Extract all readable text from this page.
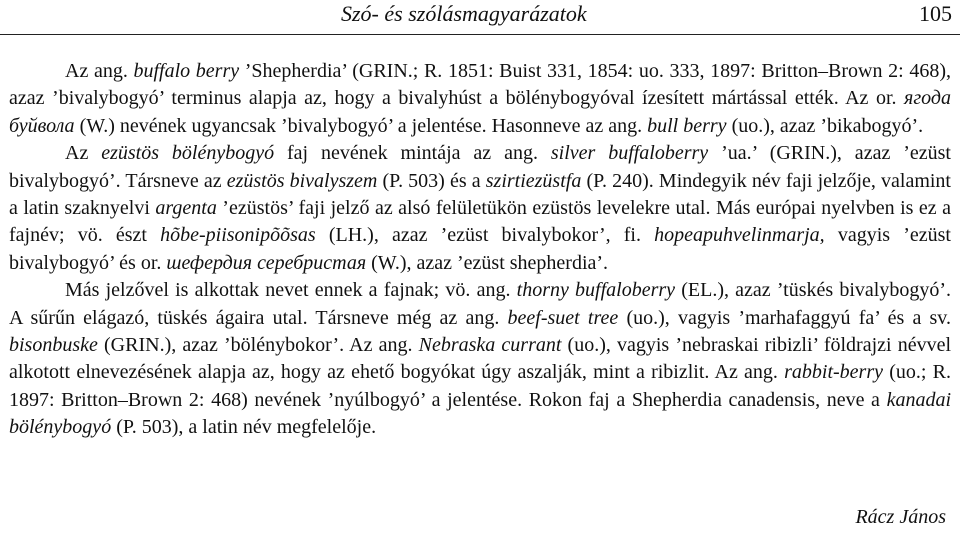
Szó- és szólásmagyarázatok	105

Az ang. buffalo berry ’Shepherdia’ (GRIN.; R. 1851: Buist 331, 1854: uo. 333, 1897: Britton–Brown 2: 468), azaz ’bivalybogyó’ terminus alapja az, hogy a bivalyhúst a bölénybogyóval ízesített mártással ették. Az or. ягода буйвола (W.) nevének ugyancsak ’bivalybogyó’ a jelentése. Hasonneve az ang. bull berry (uo.), azaz ’bikabogyó’.

Az ezüstös bölénybogyó faj nevének mintája az ang. silver buffaloberry ’ua.’ (GRIN.), azaz ’ezüst bivalybogyó’. Társneve az ezüstös bivalyszem (P. 503) és a szirtiezüstfa (P. 240). Mindegyik név faji jelzője, valamint a latin szaknyelvi argenta ’ezüstös’ faji jelző az alsó felületükön ezüstös levelekre utal. Más európai nyelvben is ez a fajnév; vö. észt hõbe-piisonipõõsas (LH.), azaz ’ezüst bivalybokor’, fi. hopeapuhvelinmarja, vagyis ’ezüst bivalybogyó’ és or. шефердия серебристая (W.), azaz ’ezüst shepherdia’.

Más jelzővel is alkottak nevet ennek a fajnak; vö. ang. thorny buffaloberry (EL.), azaz ’tüskés bivalybogyó’. A sűrűn elágazó, tüskés ágaira utal. Társneve még az ang. beef-suet tree (uo.), vagyis ’marhafaggyú fa’ és a sv. bisonbuske (GRIN.), azaz ’bölénybokor’. Az ang. Nebraska currant (uo.), vagyis ’nebraskai ribizli’ földrajzi névvel alkotott elnevezésének alapja az, hogy az ehető bogyókat úgy aszalják, mint a ribizlit. Az ang. rabbit-berry (uo.; R. 1897: Britton–Brown 2: 468) nevének ’nyúlbogyó’ a jelentése. Rokon faj a Shepherdia canadensis, neve a kanadai bölénybogyó (P. 503), a latin név megfelelője.

Rácz János
